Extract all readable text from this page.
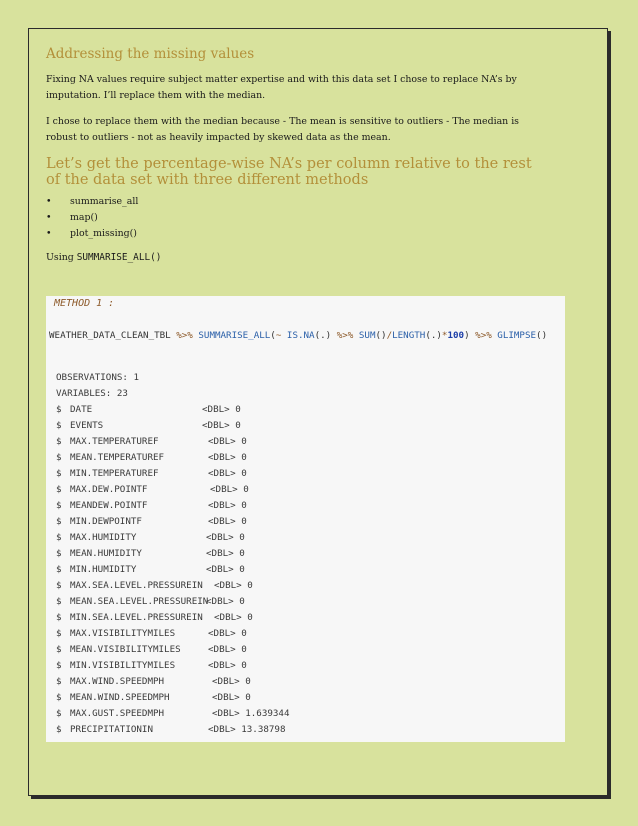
Addressing the missing values

Fixing NA values require subject matter expertise and with this data set I chose to replace NA’s by imputation. I’ll replace them with the median.

I chose to replace them with the median because - The mean is sensitive to outliers - The median is robust to outliers - not as heavily impacted by skewed data as the mean.

Let’s get the percentage-wise NA’s per column relative to the rest of the data set with three different methods
• summarise_all
• map()
• plot_missing()
Using SUMMARISE_ALL()
METHOD 1 :
WEATHER_DATA_CLEAN_TBL %>% SUMMARISE_ALL(~ IS.NA(.) %>% SUM()/LENGTH(.)*100) %>% GLIMPSE()
OBSERVATIONS: 1
VARIABLES: 23
$ DATE	<DBL> 0
$ EVENTS	<DBL> 0
$ MAX.TEMPERATUREF	<DBL> 0
$ MEAN.TEMPERATUREF	<DBL> 0
$ MIN.TEMPERATUREF	<DBL> 0
$ MAX.DEW.POINTF	<DBL> 0
$ MEANDEW.POINTF	<DBL> 0
$ MIN.DEWPOINTF	<DBL> 0
$ MAX.HUMIDITY	<DBL> 0
$ MEAN.HUMIDITY	<DBL> 0
$ MIN.HUMIDITY	<DBL> 0
$ MAX.SEA.LEVEL.PRESSUREIN <DBL> 0
$ MEAN.SEA.LEVEL.PRESSUREIN
<DBL> 0
$ MIN.SEA.LEVEL.PRESSUREIN <DBL> 0
$ MAX.VISIBILITYMILES	<DBL> 0
$ MEAN.VISIBILITYMILES	<DBL> 0
$ MIN.VISIBILITYMILES	<DBL> 0
$ MAX.WIND.SPEEDMPH	<DBL> 0
$ MEAN.WIND.SPEEDMPH	<DBL> 0
$ MAX.GUST.SPEEDMPH	<DBL> 1.639344
$ PRECIPITATIONIN	<DBL> 13.38798
